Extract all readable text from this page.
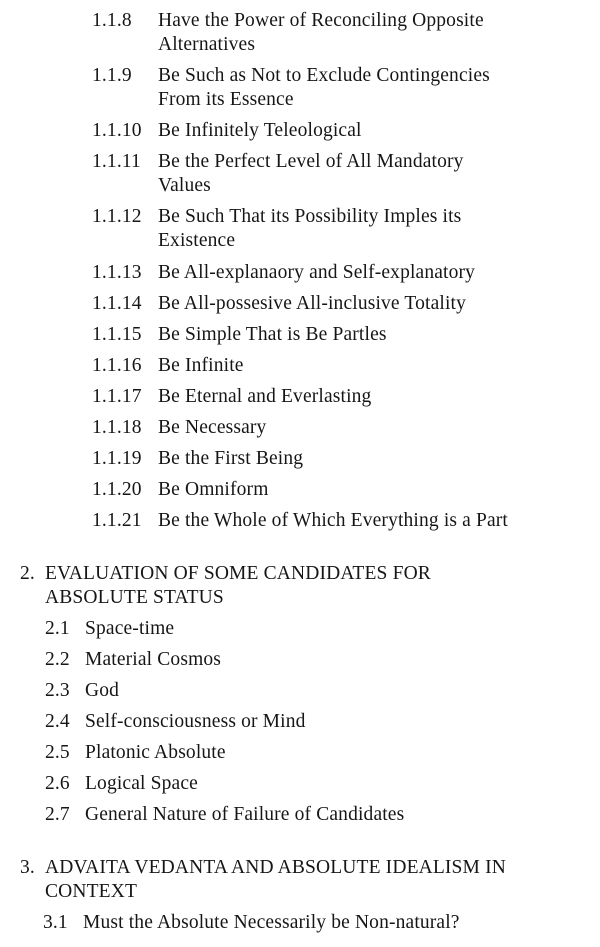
1.1.8 Have the Power of Reconciling Opposite
Alternatives
1.1.9 Be Such as Not to Exclude Contingencies
From its Essence
1.1.10 Be Infinitely Teleological
1.1.11 Be the Perfect Level of All Mandatory
Values
1.1.12 Be Such That its Possibility Imples its
Existence
1.1.13 Be All-explanaory and Self-explanatory
1.1.14 Be All-possesive All-inclusive Totality
1.1.15 Be Simple That is Be Partles
1.1.16 Be Infinite
1.1.17 Be Eternal and Everlasting
1.1.18 Be Necessary
1.1.19 Be the First Being
1.1.20 Be Omniform
1.1.21 Be the Whole of Which Everything is a Part
2. EVALUATION OF SOME CANDIDATES FOR
ABSOLUTE STATUS
2.1 Space-time
2.2 Material Cosmos
2.3 God
2.4 Self-consciousness or Mind
2.5 Platonic Absolute
2.6 Logical Space
2.7 General Nature of Failure of Candidates
3. ADVAITA VEDANTA AND ABSOLUTE IDEALISM IN
CONTEXT
3.1 Must the Absolute Necessarily be Non-natural?
